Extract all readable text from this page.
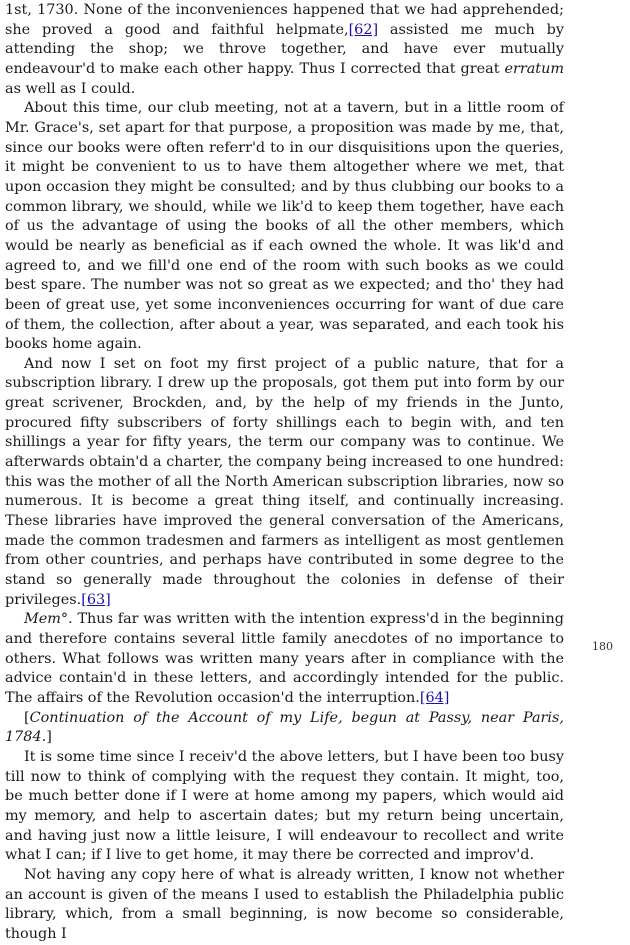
1st, 1730. None of the inconveniences happened that we had apprehended; she proved a good and faithful helpmate,[62] assisted me much by attending the shop; we throve together, and have ever mutually endeavour'd to make each other happy. Thus I corrected that great erratum as well as I could.

About this time, our club meeting, not at a tavern, but in a little room of Mr. Grace's, set apart for that purpose, a proposition was made by me, that, since our books were often referr'd to in our disquisitions upon the queries, it might be convenient to us to have them altogether where we met, that upon occasion they might be consulted; and by thus clubbing our books to a common library, we should, while we lik'd to keep them together, have each of us the advantage of using the books of all the other members, which would be nearly as beneficial as if each owned the whole. It was lik'd and agreed to, and we fill'd one end of the room with such books as we could best spare. The number was not so great as we expected; and tho' they had been of great use, yet some inconveniences occurring for want of due care of them, the collection, after about a year, was separated, and each took his books home again.

And now I set on foot my first project of a public nature, that for a subscription library. I drew up the proposals, got them put into form by our great scrivener, Brockden, and, by the help of my friends in the Junto, procured fifty subscribers of forty shillings each to begin with, and ten shillings a year for fifty years, the term our company was to continue. We afterwards obtain'd a charter, the company being increased to one hundred: this was the mother of all the North American subscription libraries, now so numerous. It is become a great thing itself, and continually increasing. These libraries have improved the general conversation of the Americans, made the common tradesmen and farmers as intelligent as most gentlemen from other countries, and perhaps have contributed in some degree to the stand so generally made throughout the colonies in defense of their privileges.[63]

Mem°. Thus far was written with the intention express'd in the beginning and therefore contains several little family anecdotes of no importance to others. What follows was written many years after in compliance with the advice contain'd in these letters, and accordingly intended for the public. The affairs of the Revolution occasion'd the interruption.[64]

[Continuation of the Account of my Life, begun at Passy, near Paris, 1784.]

It is some time since I receiv'd the above letters, but I have been too busy till now to think of complying with the request they contain. It might, too, be much better done if I were at home among my papers, which would aid my memory, and help to ascertain dates; but my return being uncertain, and having just now a little leisure, I will endeavour to recollect and write what I can; if I live to get home, it may there be corrected and improv'd.

Not having any copy here of what is already written, I know not whether an account is given of the means I used to establish the Philadelphia public library, which, from a small beginning, is now become so considerable, though I

180
